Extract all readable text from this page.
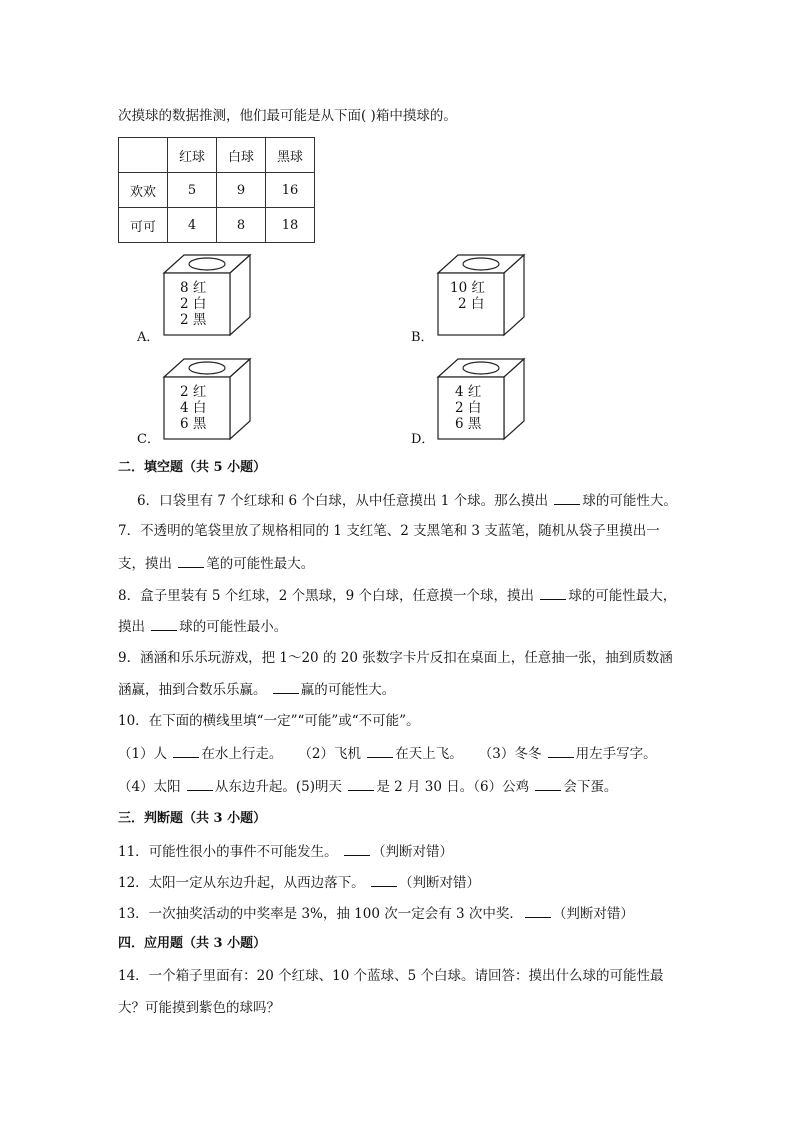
次摸球的数据推测，他们最可能是从下面( )箱中摸球的。
	红球	白球	黑球
欢欢	5	9	16
可可	4	8	18
8 红
2 白
2 黑
A．
10 红
2 白
B．
2 红
4 白
6 黑
C．
4 红
2 白
6 黑
D．
二．填空题（共 5 小题）
6．口袋里有 7 个红球和 6 个白球，从中任意摸出 1 个球。那么摸出 球的可能性大。
7．不透明的笔袋里放了规格相同的 1 支红笔、2 支黑笔和 3 支蓝笔，随机从袋子里摸出一
支，摸出 笔的可能性最大。
8．盒子里装有 5 个红球，2 个黑球，9 个白球，任意摸一个球，摸出 球的可能性最大，
摸出 球的可能性最小。
9．涵涵和乐乐玩游戏，把 1～20 的 20 张数字卡片反扣在桌面上，任意抽一张，抽到质数涵
涵赢，抽到合数乐乐赢。 赢的可能性大。
10．在下面的横线里填“一定”“可能”或“不可能”。
（1）人 在水上行走。 （2）飞机 在天上飞。 （3）冬冬 用左手写字。
（4）太阳 从东边升起。(5)明天 是 2 月 30 日。（6）公鸡 会下蛋。
三．判断题（共 3 小题）
11．可能性很小的事件不可能发生。 （判断对错）
12．太阳一定从东边升起，从西边落下。 （判断对错）
13．一次抽奖活动的中奖率是 3%，抽 100 次一定会有 3 次中奖． （判断对错）
四．应用题（共 3 小题）
14．一个箱子里面有：20 个红球、10 个蓝球、5 个白球。请回答：摸出什么球的可能性最
大？可能摸到紫色的球吗？
